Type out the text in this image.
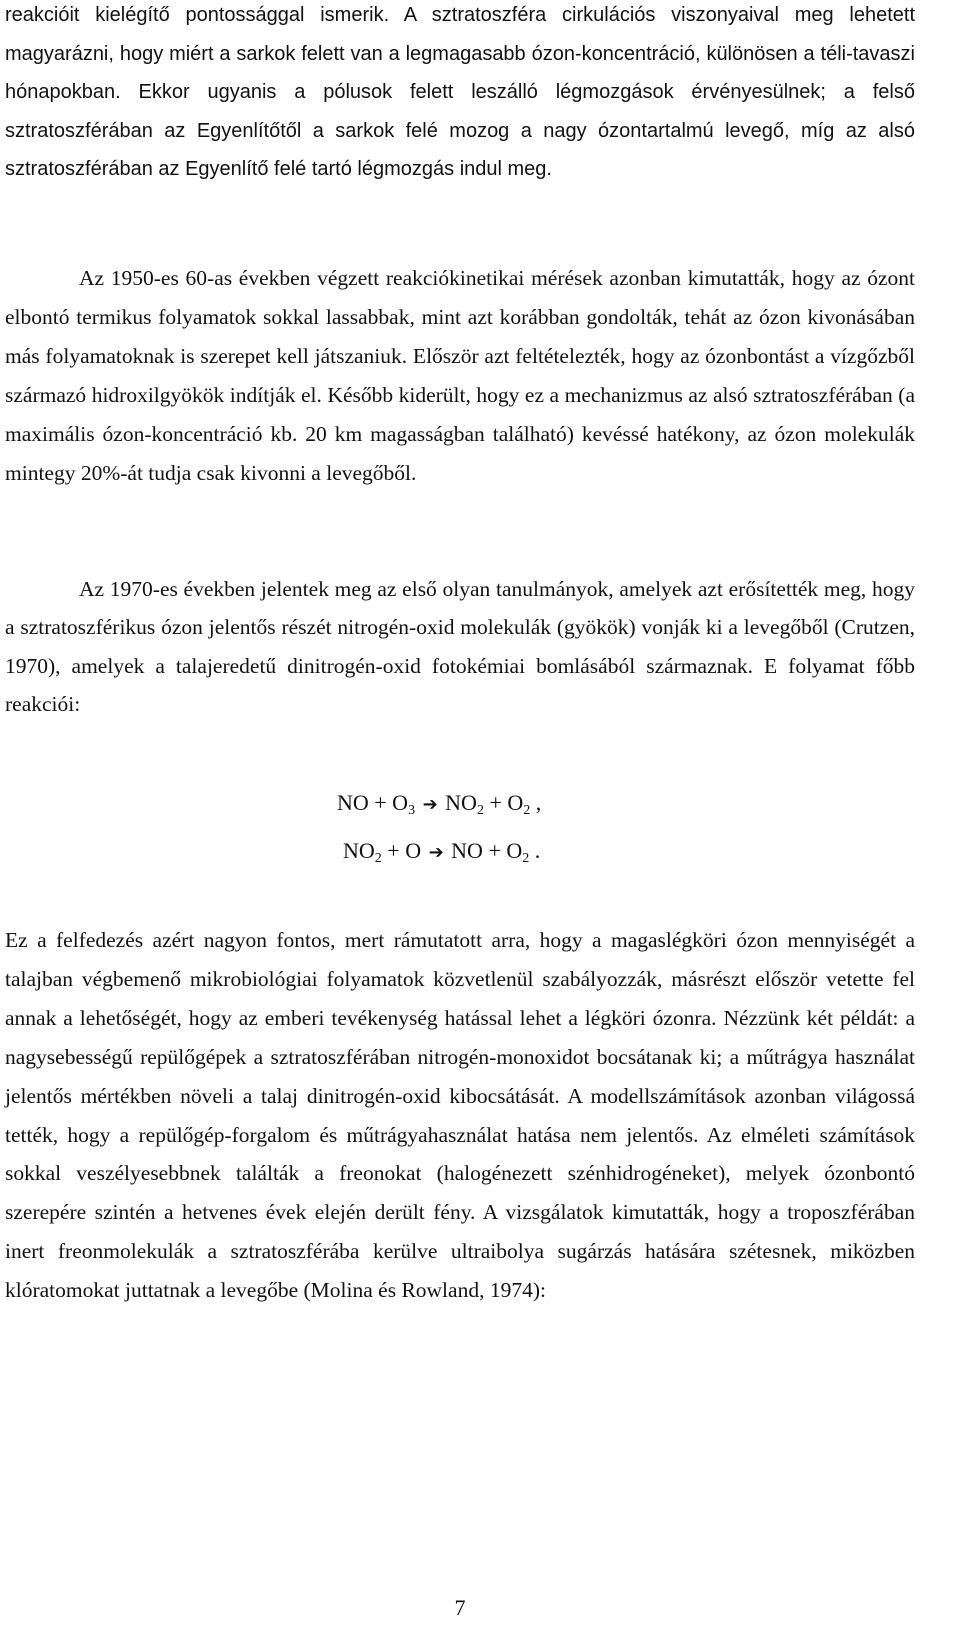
reakcióit kielégítő pontossággal ismerik. A sztratoszféra cirkulációs viszonyaival meg lehetett magyarázni, hogy miért a sarkok felett van a legmagasabb ózon-koncentráció, különösen a téli-tavaszi hónapokban. Ekkor ugyanis a pólusok felett leszálló légmozgások érvényesülnek; a felső sztratoszférában az Egyenlítőtől a sarkok felé mozog a nagy ózontartalmú levegő, míg az alsó sztratoszférában az Egyenlítő felé tartó légmozgás indul meg.

Az 1950-es 60-as években végzett reakciókinetikai mérések azonban kimutatták, hogy az ózont elbontó termikus folyamatok sokkal lassabbak, mint azt korábban gondolták, tehát az ózon kivonásában más folyamatoknak is szerepet kell játszaniuk. Először azt feltételezték, hogy az ózonbontást a vízgőzből származó hidroxilgyökök indítják el. Később kiderült, hogy ez a mechanizmus az alsó sztratoszférában (a maximális ózon-koncentráció kb. 20 km magasságban található) kevéssé hatékony, az ózon molekulák mintegy 20%-át tudja csak kivonni a levegőből.

Az 1970-es években jelentek meg az első olyan tanulmányok, amelyek azt erősítették meg, hogy a sztratoszférikus ózon jelentős részét nitrogén-oxid molekulák (gyökök) vonják ki a levegőből (Crutzen, 1970), amelyek a talajeredetű dinitrogén-oxid fotokémiai bomlásából származnak. E folyamat főbb reakciói:

NO + $O_3$ ➔ $NO_2 + O_2$ ,
$NO_2 + O$ ➔ NO + $O_2$ .

Ez a felfedezés azért nagyon fontos, mert rámutatott arra, hogy a magaslégköri ózon mennyiségét a talajban végbemenő mikrobiológiai folyamatok közvetlenül szabályozzák, másrészt először vetette fel annak a lehetőségét, hogy az emberi tevékenység hatással lehet a légköri ózonra. Nézzünk két példát: a nagysebességű repülőgépek a sztratoszférában nitrogén-monoxidot bocsátanak ki; a műtrágya használat jelentős mértékben növeli a talaj dinitrogén-oxid kibocsátását. A modellszámítások azonban világossá tették, hogy a repülőgép-forgalom és műtrágyahasználat hatása nem jelentős. Az elméleti számítások sokkal veszélyesebbnek találták a freonokat (halogénezett szénhidrogéneket), melyek ózonbontó szerepére szintén a hetvenes évek elején derült fény. A vizsgálatok kimutatták, hogy a troposzférában inert freonmolekulák a sztratoszférába kerülve ultraibolya sugárzás hatására szétesnek, miközben klóratomokat juttatnak a levegőbe (Molina és Rowland, 1974):

7
